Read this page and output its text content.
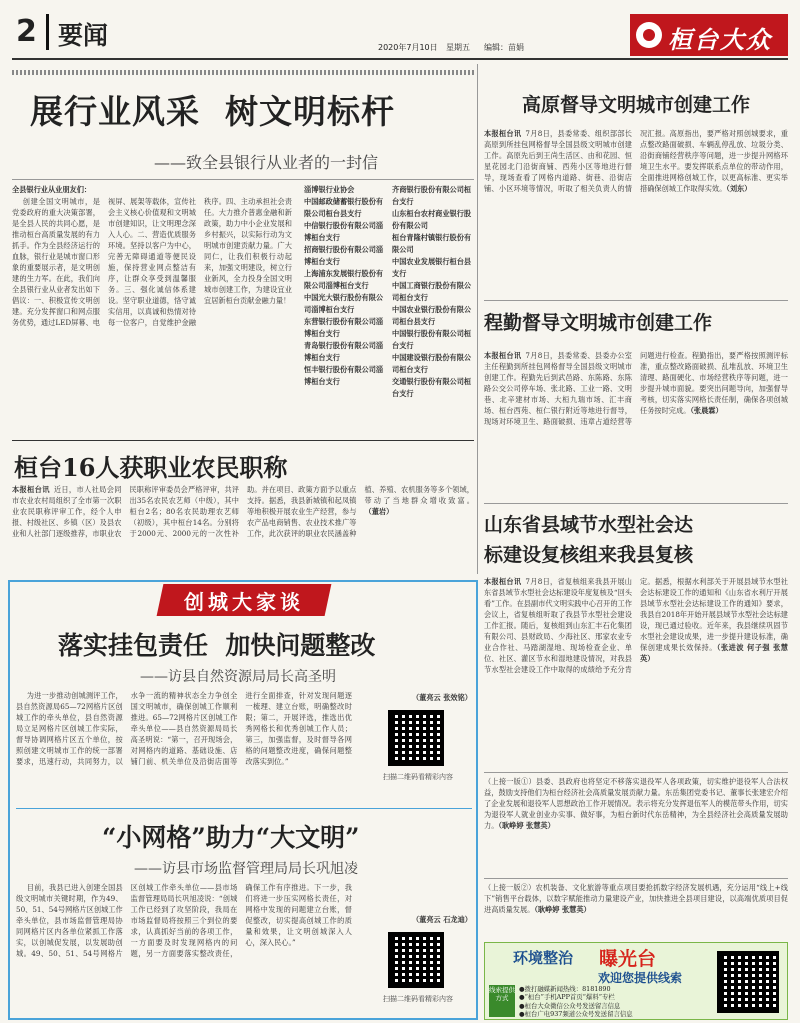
2 要闻	2020年7月10日	星期五	编辑：苗娟	桓台大众
展行业风采  树文明标杆
——致全县银行从业者的一封信
全县银行业从业朋友们：
创建全国文明城市，是党委政府的重大决策部署，是全县人民的共同心愿，是推动桓台高质量发展的有力抓手。作为全县经济运行的血脉，银行业是城市窗口形象的重要展示者，是文明创建的生力军。在此，我们向全县银行业从业者发出如下倡议：一、积极宣传文明创建。充分发挥窗口和网点服务优势，通过LED屏幕、电视屏、展架等载体，宣传社会主义核心价值观和文明城市创建知识，让文明理念深入人心。二、营造优质服务环境。坚持以客户为中心，完善无障碍通道等便民设施，保持营业网点整洁有序，让群众享受到温馨服务。三、强化诚信体系建设。坚守职业道德，恪守诚实信用，以真诚和热情对待每一位客户，自觉维护金融秩序。四、主动承担社会责任。大力推介普惠金融和新政策，助力中小企业发展和乡村振兴，以实际行动为文明城市创建贡献力量。广大同仁，让我们积极行动起来，加强文明建设，树立行业新风，全力投身全国文明城市创建工作，为建设宜业宜居新桓台贡献金融力量！
淄博银行业协会
中国邮政储蓄银行股份有限公司桓台县支行
中信银行股份有限公司淄博桓台支行
招商银行股份有限公司淄博桓台支行
上海浦东发展银行股份有限公司淄博桓台支行
中国光大银行股份有限公司淄博桓台支行
东营银行股份有限公司淄博桓台支行
青岛银行股份有限公司淄博桓台支行
恒丰银行股份有限公司淄博桓台支行
齐商银行股份有限公司桓台支行
山东桓台农村商业银行股份有限公司
桓台青隆村镇银行股份有限公司
中国农业发展银行桓台县支行
中国工商银行股份有限公司桓台支行
中国农业银行股份有限公司桓台县支行
中国银行股份有限公司桓台支行
中国建设银行股份有限公司桓台支行
交通银行股份有限公司桓台支行
桓台16人获职业农民职称
本报桓台讯 近日，市人社局会同市农业农村局组织了全市第一次职业农民职称评审工作，经个人申报、村级社区、乡镇（区）及县农业和人社部门逐级推荐，市职业农民职称评审委员会严格评审，共评出35名农民农艺师（中级），其中桓台2名；80名农民助理农艺师（初级），其中桓台14名。分别将于2000元、2000元的一次性补助。并在项目、政策方面予以重点支持。据悉，我县新城镇和起凤镇等地积极开展农业生产经营，参与农产品电商销售、农业技术推广等工作，此次获评的职业农民涵盖种植、养殖、农机服务等多个领域，带动了当地群众增收致富。（董岩）
创城大家谈
落实挂包责任  加快问题整改
——访县自然资源局局长高圣明
为进一步推动创城测评工作，县自然资源局65—72网格片区创城工作的牵头单位，县自然资源局立足网格片区创城工作实际，督导协调网格片区五个单位，按照创建文明城市工作的统一部署要求，迅速行动，共同努力，以水争一流的精神状态全力争创全国文明城市，确保创城工作顺利推进。65—72网格片区创城工作牵头单位——县自然资源局局长高圣明说：“第一，召开现场会，对网格内的道路、基础设施、店铺门前、机关单位及沿街店面等进行全面排查，针对发现问题逐一梳理、建立台账，明确整改时限；第二，开展评选，推选出优秀网格长和优秀创城工作人员；第三，加强监督，及时督导各网格的问题整改进度，确保问题整改落实到位。”
（董亮云 张效铭）
扫描二维码看精彩内容
“小网格”助力“大文明”
——访县市场监督管理局局长巩旭凌
目前，我县已进入创建全国县级文明城市关键时期，作为49、50、51、54号网格片区创城工作牵头单位，县市场监督管理局协同网格片区内各单位紧抓工作落实，以创城促发展，以发展助创城。49、50、51、54号网格片区创城工作牵头单位——县市场监督管理局局长巩旭凌说：“创城工作已经到了攻坚阶段，我局在市场监督局将按照三个到位的要求，认真抓好当前的各项工作，一方面要及时发现网格内的问题，另一方面要落实整改责任，确保工作有序推进。下一步，我们将进一步压实网格长责任，对网格中发现的问题建立台账，督促整改，切实提高创城工作的质量和效果，让文明创城深入人心，深入民心。”
（董亮云 石龙迪）
扫描二维码看精彩内容
高原督导文明城市创建工作
本报桓台讯 7月8日，县委常委、组织部部长高原到所挂包网格督导全国县级文明城市创建工作。高原先后到王尚生活区、由和花园、恒星花园北门沿街商铺、西苑小区等地进行督导，现场查看了网格内道路、街巷、沿街店铺、小区环境等情况，听取了相关负责人的情况汇报。高原指出，要严格对照创城要求，重点整改路面破损、车辆乱停乱放、垃圾分类、沿街商铺经营秩序等问题，进一步提升网格环境卫生水平。要发挥联系点单位的带动作用，全面推进网格创城工作，以更高标准、更实举措确保创城工作取得实效。（刘东）
程勤督导文明城市创建工作
本报桓台讯 7月8日，县委常委、县委办公室主任程勤到所挂包网格督导全国县级文明城市创建工作。程勤先后到武邑路、东陈路、东陈路公交公司停车场、张北路、工业一路、文明巷、北辛建材市场、大桓九瑞市场、汇丰商场、桓台西苑、桓仁银行附近等地进行督导，现场对环境卫生、路面破损、违章占道经营等问题进行检查。程勤指出，要严格按照测评标准，重点整改路面破损、乱堆乱放、环境卫生清理、路面硬化、市场经营秩序等问题，进一步提升城市面貌。要突出问题导向，加强督导考核，切实落实网格长责任制，确保各项创城任务按时完成。（张晨霖）
山东省县域节水型社会达
标建设复核组来我县复核
本报桓台讯 7月8日，省复核组来我县开展山东省县域节水型社会达标建设年度复核及“回头看”工作。在县副市代文明实践中心召开的工作会议上，省复核组听取了我县节水型社会建设工作汇报。随后，复核组到山东汇丰石化集团有限公司、县财政局、少海社区、邢家农业专业合作社、马踏湖湿地、现场检查企业、单位、社区、灌区节水和湿地建设情况，对我县节水型社会建设工作中取得的成绩给予充分肯定。据悉，根据水利部关于开展县域节水型社会达标建设工作的通知和《山东省水利厅开展县域节水型社会达标建设工作的通知》要求，我县自2018年开始开展县域节水型社会达标建设，现已通过验收。近年来，我县继续巩固节水型社会建设成果，进一步提升建设标准，确保创建成果长效保持。（张进波 何子强 张慧英）
（上接一版①）县委、县政府也将坚定不移落实退役军人各项政策，切实维护退役军人合法权益，鼓励支持他们为桓台经济社会高质量发展贡献力量。东岳集团党委书记、董事长张建宏介绍了企业发展和退役军人思想政治工作开展情况。表示将充分发挥退伍军人的模范带头作用，切实为退役军人就业创业办实事、做好事，为桓台新时代东岳精神，为全县经济社会高质量发展助力。（耿峥婷 张慧英）
（上接一版②）农机装备、文化旅游等重点项目要抢抓数字经济发展机遇，充分运用“线上+线下”销售平台载体，以数字赋能推动力量建设产业，加快推进全县项目建设，以高端优质项目促进高质量发展。（耿峥婷 张慧英）
环境整治	曝光台
欢迎您提供线索
线索提供方式
●拨打融媒新闻热线：8181890
●“桓台”手机APP首页“爆料”专栏
●桓台大众微信公众号发送留言信息
●桓台广电937频道公众号发送留言信息
